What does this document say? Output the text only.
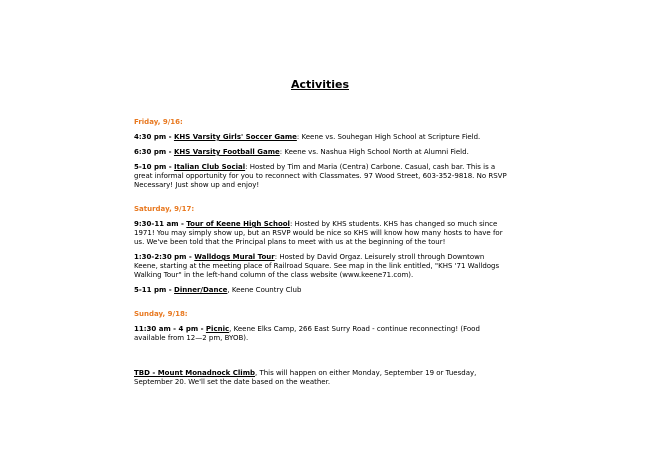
Activities
Friday, 9/16:
4:30 pm - KHS Varsity Girls' Soccer Game: Keene vs. Souhegan High School at Scripture Field.
6:30 pm - KHS Varsity Football Game: Keene vs. Nashua High School North at Alumni Field.
5-10 pm - Italian Club Social: Hosted by Tim and Maria (Centra) Carbone. Casual, cash bar. This is a great informal opportunity for you to reconnect with Classmates. 97 Wood Street, 603-352-9818. No RSVP Necessary! Just show up and enjoy!
Saturday, 9/17:
9:30-11 am - Tour of Keene High School: Hosted by KHS students. KHS has changed so much since 1971! You may simply show up, but an RSVP would be nice so KHS will know how many hosts to have for us. We've been told that the Principal plans to meet with us at the beginning of the tour!
1:30-2:30 pm - Walldogs Mural Tour: Hosted by David Orgaz. Leisurely stroll through Downtown Keene, starting at the meeting place of Railroad Square. See map in the link entitled, "KHS '71 Walldogs Walking Tour" in the left-hand column of the class website (www.keene71.com).
5-11 pm - Dinner/Dance, Keene Country Club
Sunday, 9/18:
11:30 am - 4 pm - Picnic, Keene Elks Camp, 266 East Surry Road - continue reconnecting! (Food available from 12—2 pm, BYOB).
TBD - Mount Monadnock Climb, This will happen on either Monday, September 19 or Tuesday, September 20. We'll set the date based on the weather.
